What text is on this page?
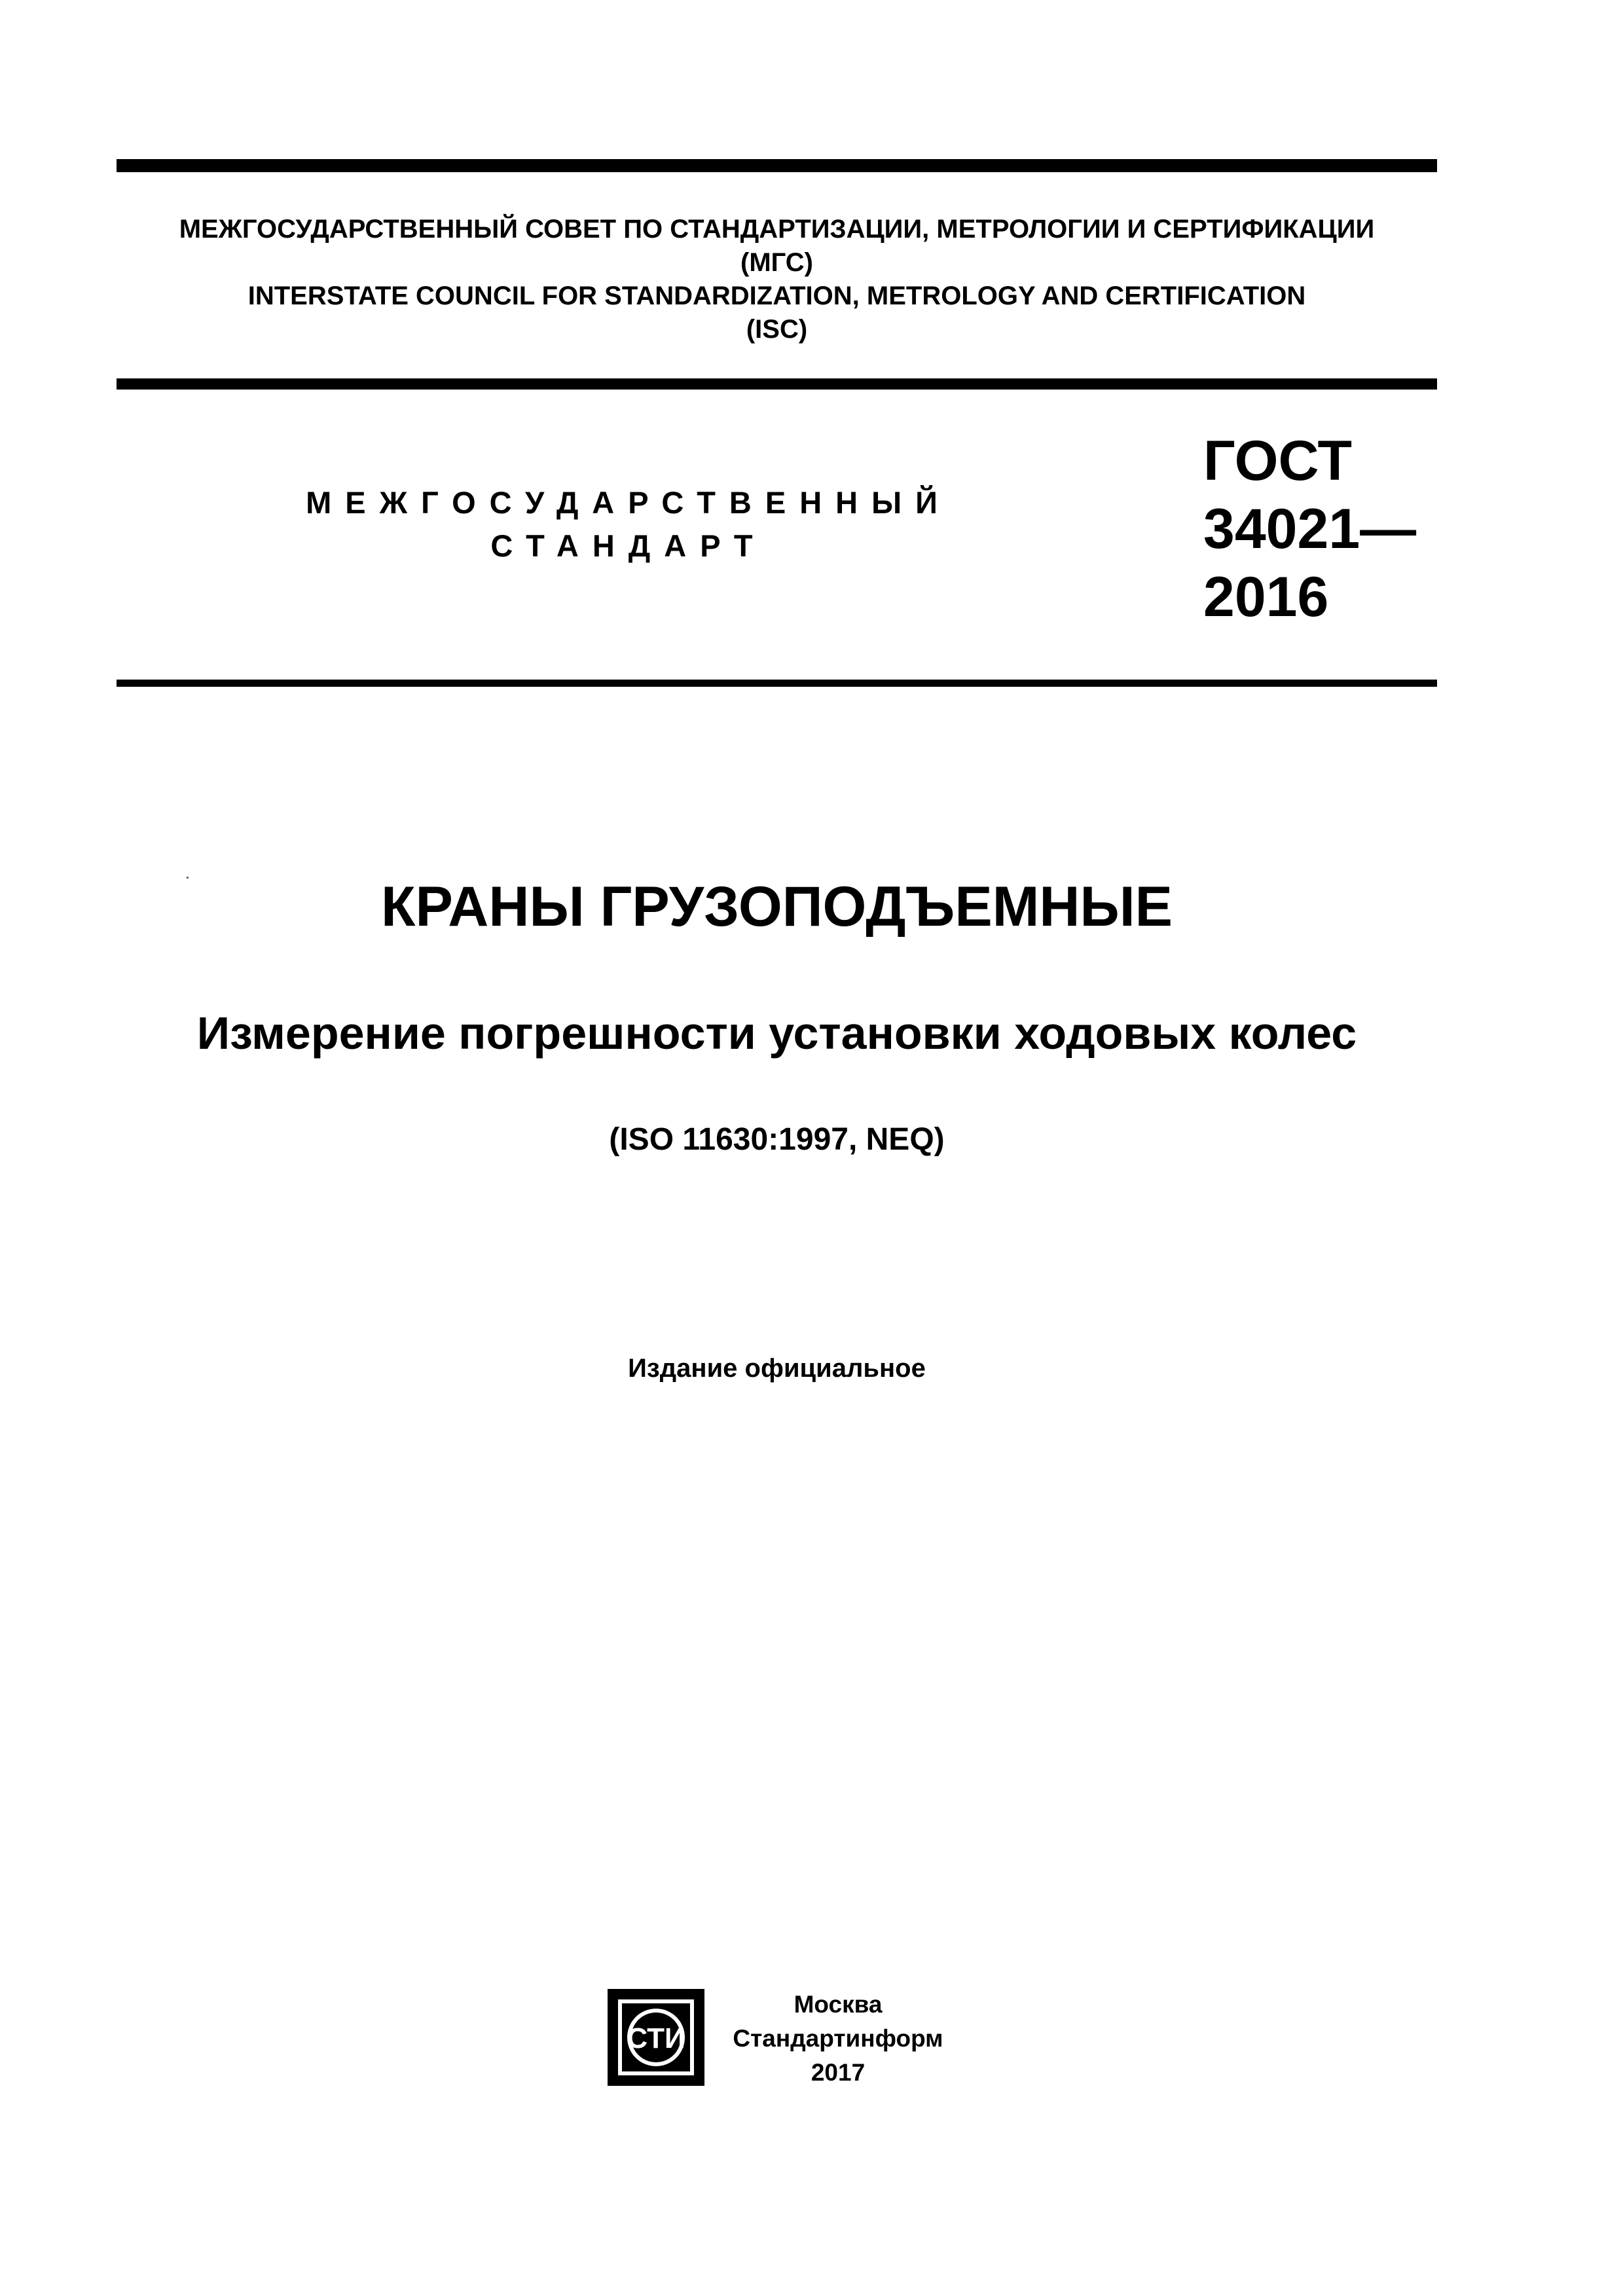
МЕЖГОСУДАРСТВЕННЫЙ СОВЕТ ПО СТАНДАРТИЗАЦИИ, МЕТРОЛОГИИ И СЕРТИФИКАЦИИ
(МГС)
INTERSTATE COUNCIL FOR STANDARDIZATION, METROLOGY AND CERTIFICATION
(ISC)
МЕЖГОСУДАРСТВЕННЫЙ
СТАНДАРТ
ГОСТ
34021—
2016
КРАНЫ ГРУЗОПОДЪЕМНЫЕ
Измерение погрешности установки ходовых колес
(ISO 11630:1997, NEQ)
Издание официальное
СТИ
Москва
Стандартинформ
2017
